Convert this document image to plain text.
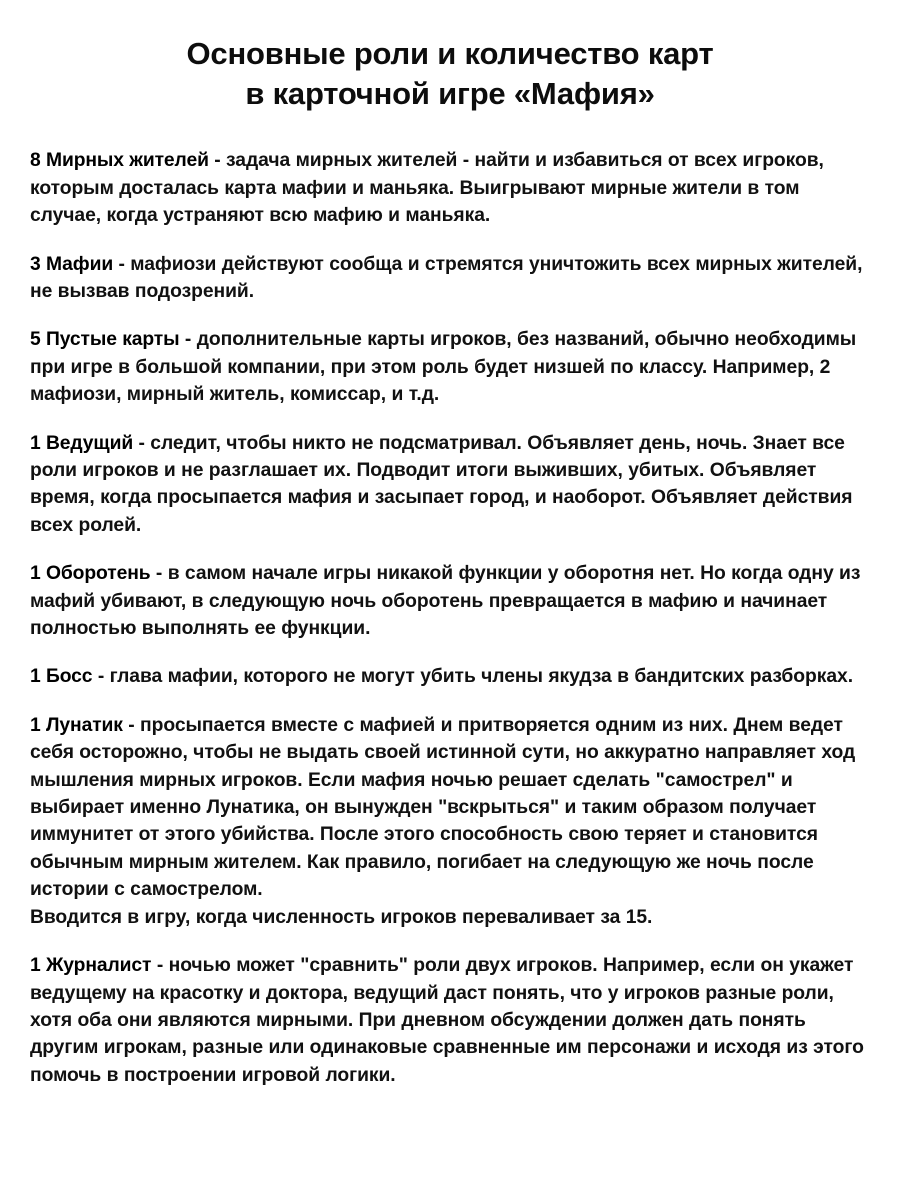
Основные роли и количество карт
в карточной игре «Мафия»

8 Мирных жителей - задача мирных жителей - найти и избавиться от всех игроков, которым досталась карта мафии и маньяка. Выигрывают мирные жители в том случае, когда устраняют всю мафию и маньяка.

3 Мафии - мафиози действуют сообща и стремятся уничтожить всех мирных жителей, не вызвав подозрений.

5 Пустые карты - дополнительные карты игроков, без названий, обычно необходимы при игре в большой компании, при этом роль будет низшей по классу. Например, 2 мафиози, мирный житель, комиссар, и т.д.

1 Ведущий - следит, чтобы никто не подсматривал. Объявляет день, ночь. Знает все роли игроков и не разглашает их. Подводит итоги выживших, убитых. Объявляет время, когда просыпается мафия и засыпает город, и наоборот. Объявляет действия всех ролей.

1 Оборотень - в самом начале игры никакой функции у оборотня нет. Но когда одну из мафий убивают, в следующую ночь оборотень превращается в мафию и начинает полностью выполнять ее функции.

1 Босс - глава мафии, которого не могут убить члены якудза в бандитских разборках.

1 Лунатик - просыпается вместе с мафией и притворяется одним из них. Днем ведет себя осторожно, чтобы не выдать своей истинной сути, но аккуратно направляет ход мышления мирных игроков. Если мафия ночью решает сделать "самострел" и выбирает именно Лунатика, он вынужден "вскрыться" и таким образом получает иммунитет от этого убийства. После этого способность свою теряет и становится обычным мирным жителем. Как правило, погибает на следующую же ночь после истории с самострелом.
Вводится в игру, когда численность игроков переваливает за 15.

1 Журналист - ночью может "сравнить" роли двух игроков. Например, если он укажет ведущему на красотку и доктора, ведущий даст понять, что у игроков разные роли, хотя оба они являются мирными. При дневном обсуждении должен дать понять другим игрокам, разные или одинаковые сравненные им персонажи и исходя из этого помочь в построении игровой логики.
